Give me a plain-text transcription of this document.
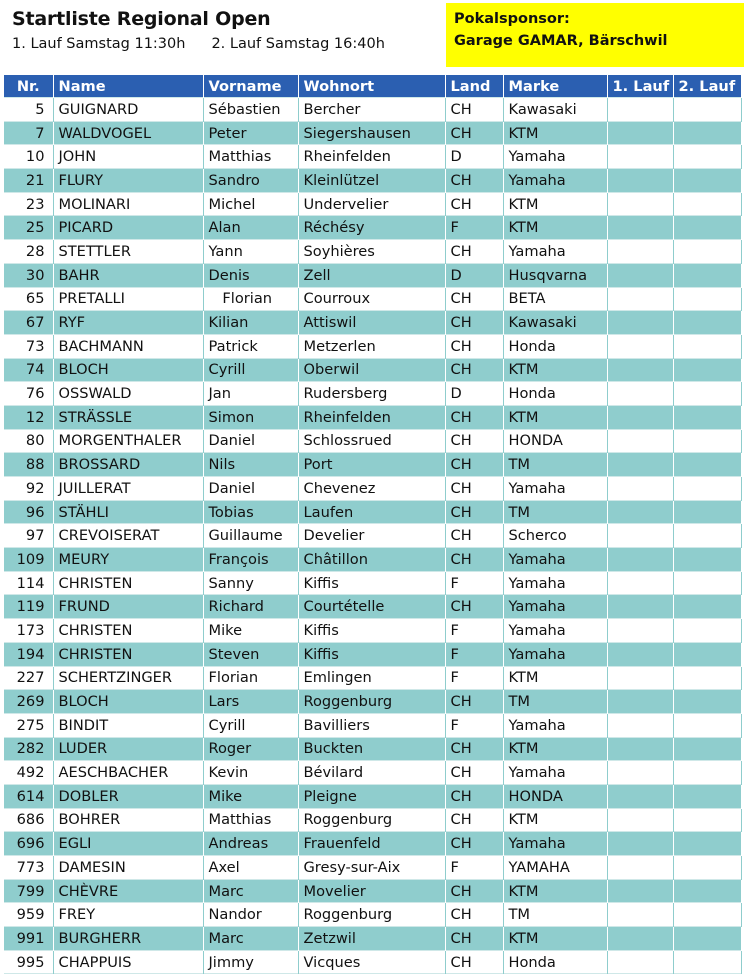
Startliste Regional Open
1. Lauf Samstag 11:30h 2. Lauf Samstag 16:40h
Pokalsponsor:
Garage GAMAR, Bärschwil
Nr.	Name	Vorname	Wohnort	Land	Marke	1. Lauf	2. Lauf
5	GUIGNARD	Sébastien	Bercher	CH	Kawasaki		
7	WALDVOGEL	Peter	Siegershausen	CH	KTM		
10	JOHN	Matthias	Rheinfelden	D	Yamaha		
21	FLURY	Sandro	Kleinlützel	CH	Yamaha		
23	MOLINARI	Michel	Undervelier	CH	KTM		
25	PICARD	Alan	Réchésy	F	KTM		
28	STETTLER	Yann	Soyhières	CH	Yamaha		
30	BAHR	Denis	Zell	D	Husqvarna		
65	PRETALLI	Florian	Courroux	CH	BETA		
67	RYF	Kilian	Attiswil	CH	Kawasaki		
73	BACHMANN	Patrick	Metzerlen	CH	Honda		
74	BLOCH	Cyrill	Oberwil	CH	KTM		
76	OSSWALD	Jan	Rudersberg	D	Honda		
12	STRÄSSLE	Simon	Rheinfelden	CH	KTM		
80	MORGENTHALER	Daniel	Schlossrued	CH	HONDA		
88	BROSSARD	Nils	Port	CH	TM		
92	JUILLERAT	Daniel	Chevenez	CH	Yamaha		
96	STÄHLI	Tobias	Laufen	CH	TM		
97	CREVOISERAT	Guillaume	Develier	CH	Scherco		
109	MEURY	François	Châtillon	CH	Yamaha		
114	CHRISTEN	Sanny	Kiffis	F	Yamaha		
119	FRUND	Richard	Courtételle	CH	Yamaha		
173	CHRISTEN	Mike	Kiffis	F	Yamaha		
194	CHRISTEN	Steven	Kiffis	F	Yamaha		
227	SCHERTZINGER	Florian	Emlingen	F	KTM		
269	BLOCH	Lars	Roggenburg	CH	TM		
275	BINDIT	Cyrill	Bavilliers	F	Yamaha		
282	LUDER	Roger	Buckten	CH	KTM		
492	AESCHBACHER	Kevin	Bévilard	CH	Yamaha		
614	DOBLER	Mike	Pleigne	CH	HONDA		
686	BOHRER	Matthias	Roggenburg	CH	KTM		
696	EGLI	Andreas	Frauenfeld	CH	Yamaha		
773	DAMESIN	Axel	Gresy-sur-Aix	F	YAMAHA		
799	CHÈVRE	Marc	Movelier	CH	KTM		
959	FREY	Nandor	Roggenburg	CH	TM		
991	BURGHERR	Marc	Zetzwil	CH	KTM		
995	CHAPPUIS	Jimmy	Vicques	CH	Honda		
